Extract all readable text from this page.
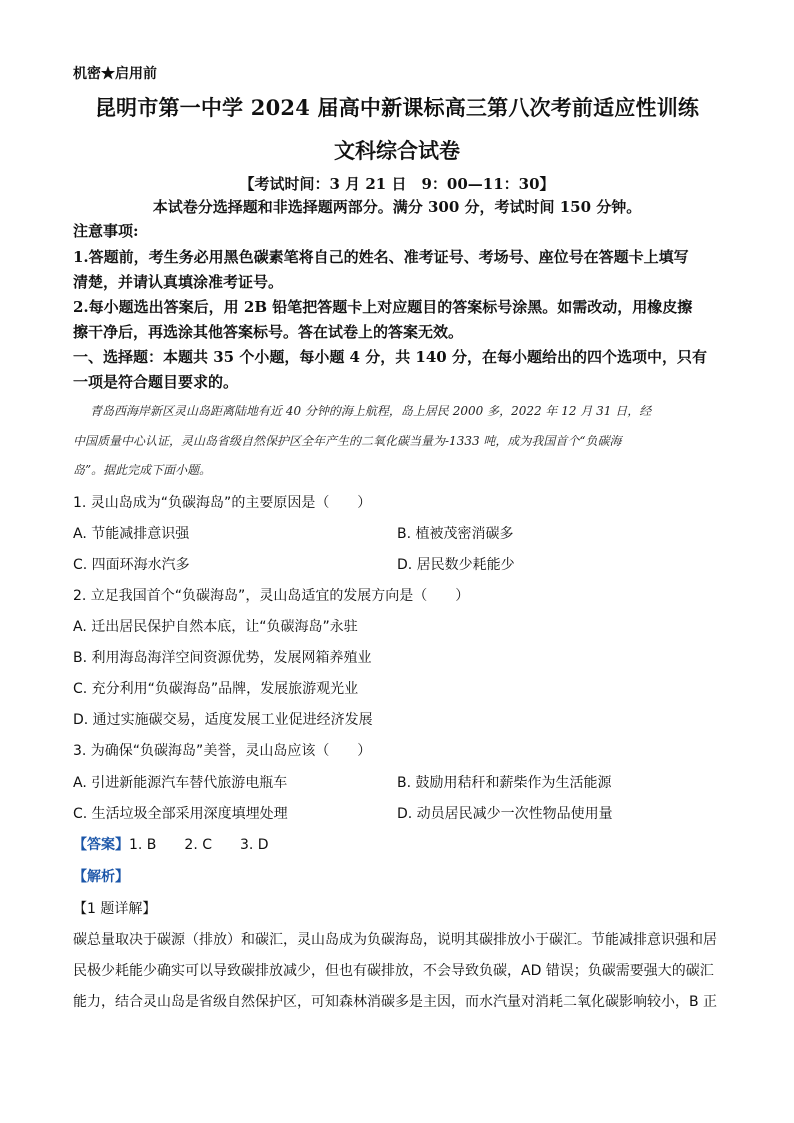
机密★启用前
昆明市第一中学 2024 届高中新课标高三第八次考前适应性训练
文科综合试卷
【考试时间：3 月 21 日　9：00—11：30】
本试卷分选择题和非选择题两部分。满分 300 分，考试时间 150 分钟。
注意事项:
1.答题前，考生务必用黑色碳素笔将自己的姓名、准考证号、考场号、座位号在答题卡上填写
清楚，并请认真填涂准考证号。
2.每小题选出答案后，用 2B 铅笔把答题卡上对应题目的答案标号涂黑。如需改动，用橡皮擦
擦干净后，再选涂其他答案标号。答在试卷上的答案无效。
一、选择题：本题共 35 个小题，每小题 4 分，共 140 分，在每小题给出的四个选项中，只有
一项是符合题目要求的。
青岛西海岸新区灵山岛距离陆地有近 40 分钟的海上航程，岛上居民 2000 多，2022 年 12 月 31 日，经
中国质量中心认证，灵山岛省级自然保护区全年产生的二氧化碳当量为-1333 吨，成为我国首个“负碳海
岛”。据此完成下面小题。
1. 灵山岛成为“负碳海岛”的主要原因是（　　）
A. 节能减排意识强	B. 植被茂密消碳多
C. 四面环海水汽多	D. 居民数少耗能少
2. 立足我国首个“负碳海岛”，灵山岛适宜的发展方向是（　　）
A. 迁出居民保护自然本底，让“负碳海岛”永驻
B. 利用海岛海洋空间资源优势，发展网箱养殖业
C. 充分利用“负碳海岛”品牌，发展旅游观光业
D. 通过实施碳交易，适度发展工业促进经济发展
3. 为确保“负碳海岛”美誉，灵山岛应该（　　）
A. 引进新能源汽车替代旅游电瓶车	B. 鼓励用秸秆和薪柴作为生活能源
C. 生活垃圾全部采用深度填埋处理	D. 动员居民减少一次性物品使用量
【答案】1. B　　2. C　　3. D
【解析】
【1 题详解】
碳总量取决于碳源（排放）和碳汇，灵山岛成为负碳海岛，说明其碳排放小于碳汇。节能减排意识强和居
民极少耗能少确实可以导致碳排放减少，但也有碳排放，不会导致负碳，AD 错误；负碳需要强大的碳汇
能力，结合灵山岛是省级自然保护区，可知森林消碳多是主因，而水汽量对消耗二氧化碳影响较小，B 正
